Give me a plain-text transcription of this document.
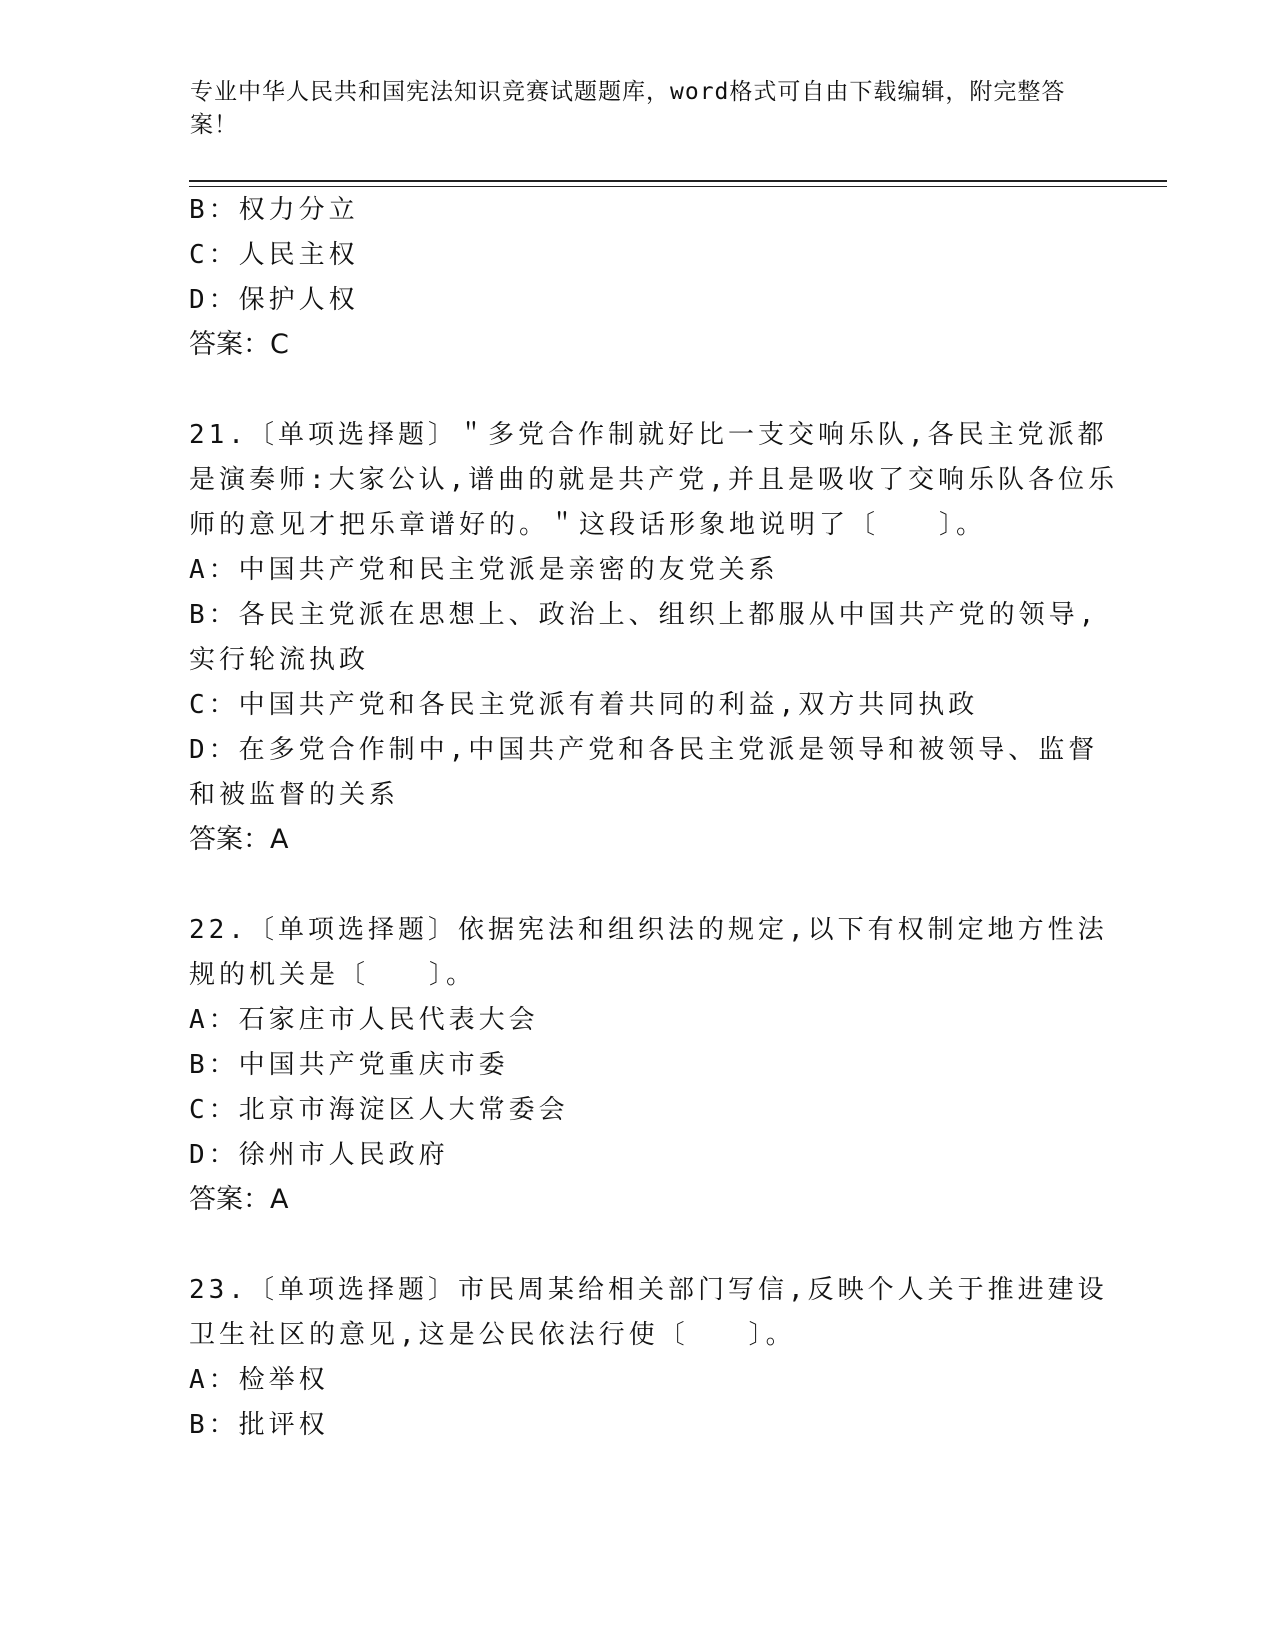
专业中华人民共和国宪法知识竞赛试题题库，word格式可自由下载编辑，附完整答案！
B：权力分立
C：人民主权
D：保护人权
答案：C
21.〔单项选择题〕＂多党合作制就好比一支交响乐队,各民主党派都
是演奏师:大家公认,谱曲的就是共产党,并且是吸收了交响乐队各位乐
师的意见才把乐章谱好的。＂这段话形象地说明了〔　　〕。
A：中国共产党和民主党派是亲密的友党关系
B：各民主党派在思想上、政治上、组织上都服从中国共产党的领导,
实行轮流执政
C：中国共产党和各民主党派有着共同的利益,双方共同执政
D：在多党合作制中,中国共产党和各民主党派是领导和被领导、监督
和被监督的关系
答案：A
22.〔单项选择题〕依据宪法和组织法的规定,以下有权制定地方性法
规的机关是〔　　〕。
A：石家庄市人民代表大会
B：中国共产党重庆市委
C：北京市海淀区人大常委会
D：徐州市人民政府
答案：A
23.〔单项选择题〕市民周某给相关部门写信,反映个人关于推进建设
卫生社区的意见,这是公民依法行使〔　　〕。
A：检举权
B：批评权
